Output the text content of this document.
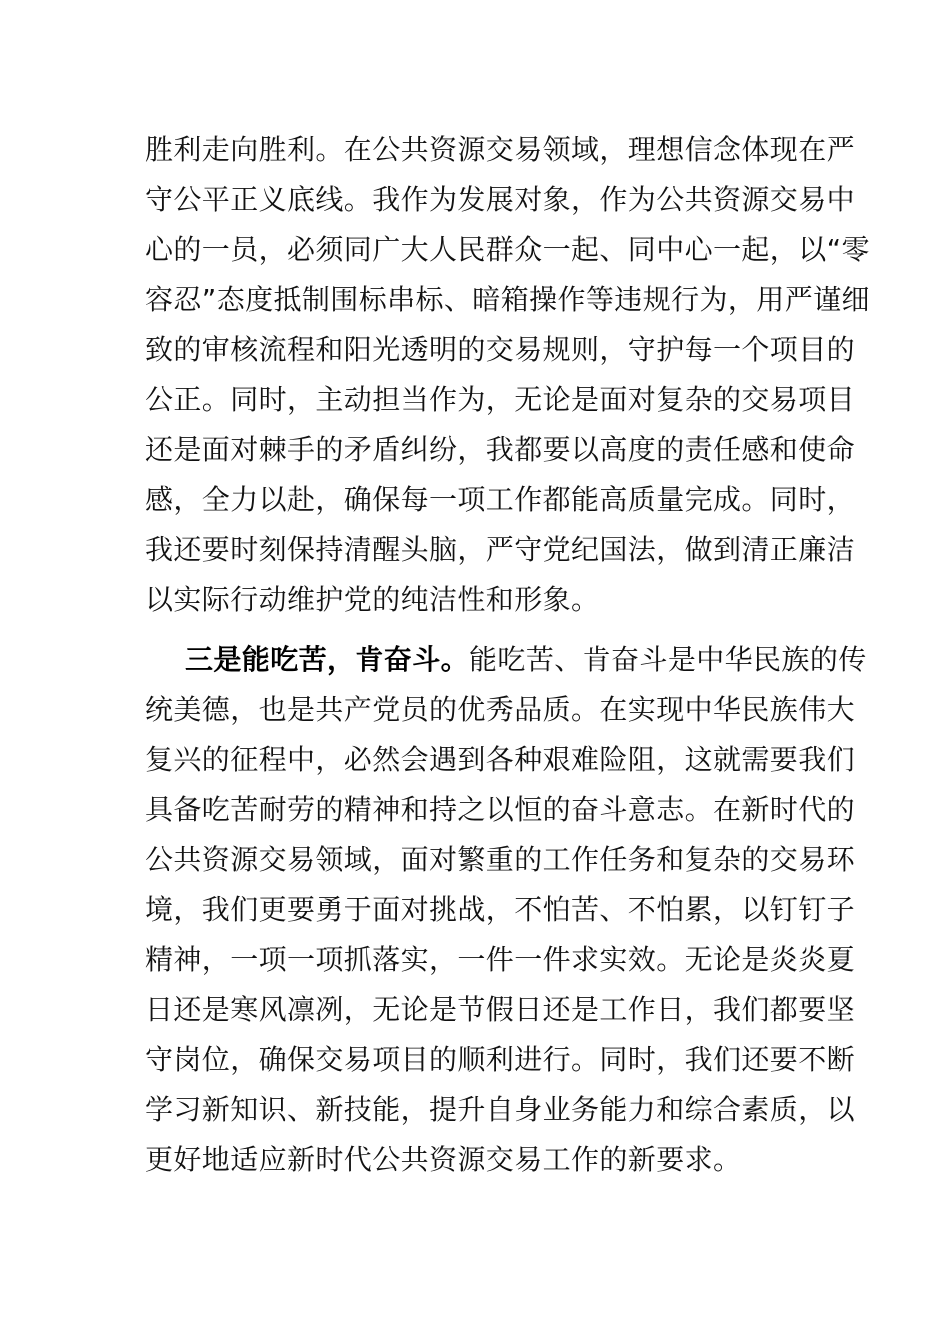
胜利走向胜利。在公共资源交易领域，理想信念体现在严
守公平正义底线。我作为发展对象，作为公共资源交易中
心的一员，必须同广大人民群众一起、同中心一起，以“零
容忍”态度抵制围标串标、暗箱操作等违规行为，用严谨细
致的审核流程和阳光透明的交易规则，守护每一个项目的
公正。同时，主动担当作为，无论是面对复杂的交易项目
还是面对棘手的矛盾纠纷，我都要以高度的责任感和使命
感，全力以赴，确保每一项工作都能高质量完成。同时，
我还要时刻保持清醒头脑，严守党纪国法，做到清正廉洁
以实际行动维护党的纯洁性和形象。
三是能吃苦，肯奋斗。能吃苦、肯奋斗是中华民族的传
统美德，也是共产党员的优秀品质。在实现中华民族伟大
复兴的征程中，必然会遇到各种艰难险阻，这就需要我们
具备吃苦耐劳的精神和持之以恒的奋斗意志。在新时代的
公共资源交易领域，面对繁重的工作任务和复杂的交易环
境，我们更要勇于面对挑战，不怕苦、不怕累，以钉钉子
精神，一项一项抓落实，一件一件求实效。无论是炎炎夏
日还是寒风凛冽，无论是节假日还是工作日，我们都要坚
守岗位，确保交易项目的顺利进行。同时，我们还要不断
学习新知识、新技能，提升自身业务能力和综合素质，以
更好地适应新时代公共资源交易工作的新要求。
